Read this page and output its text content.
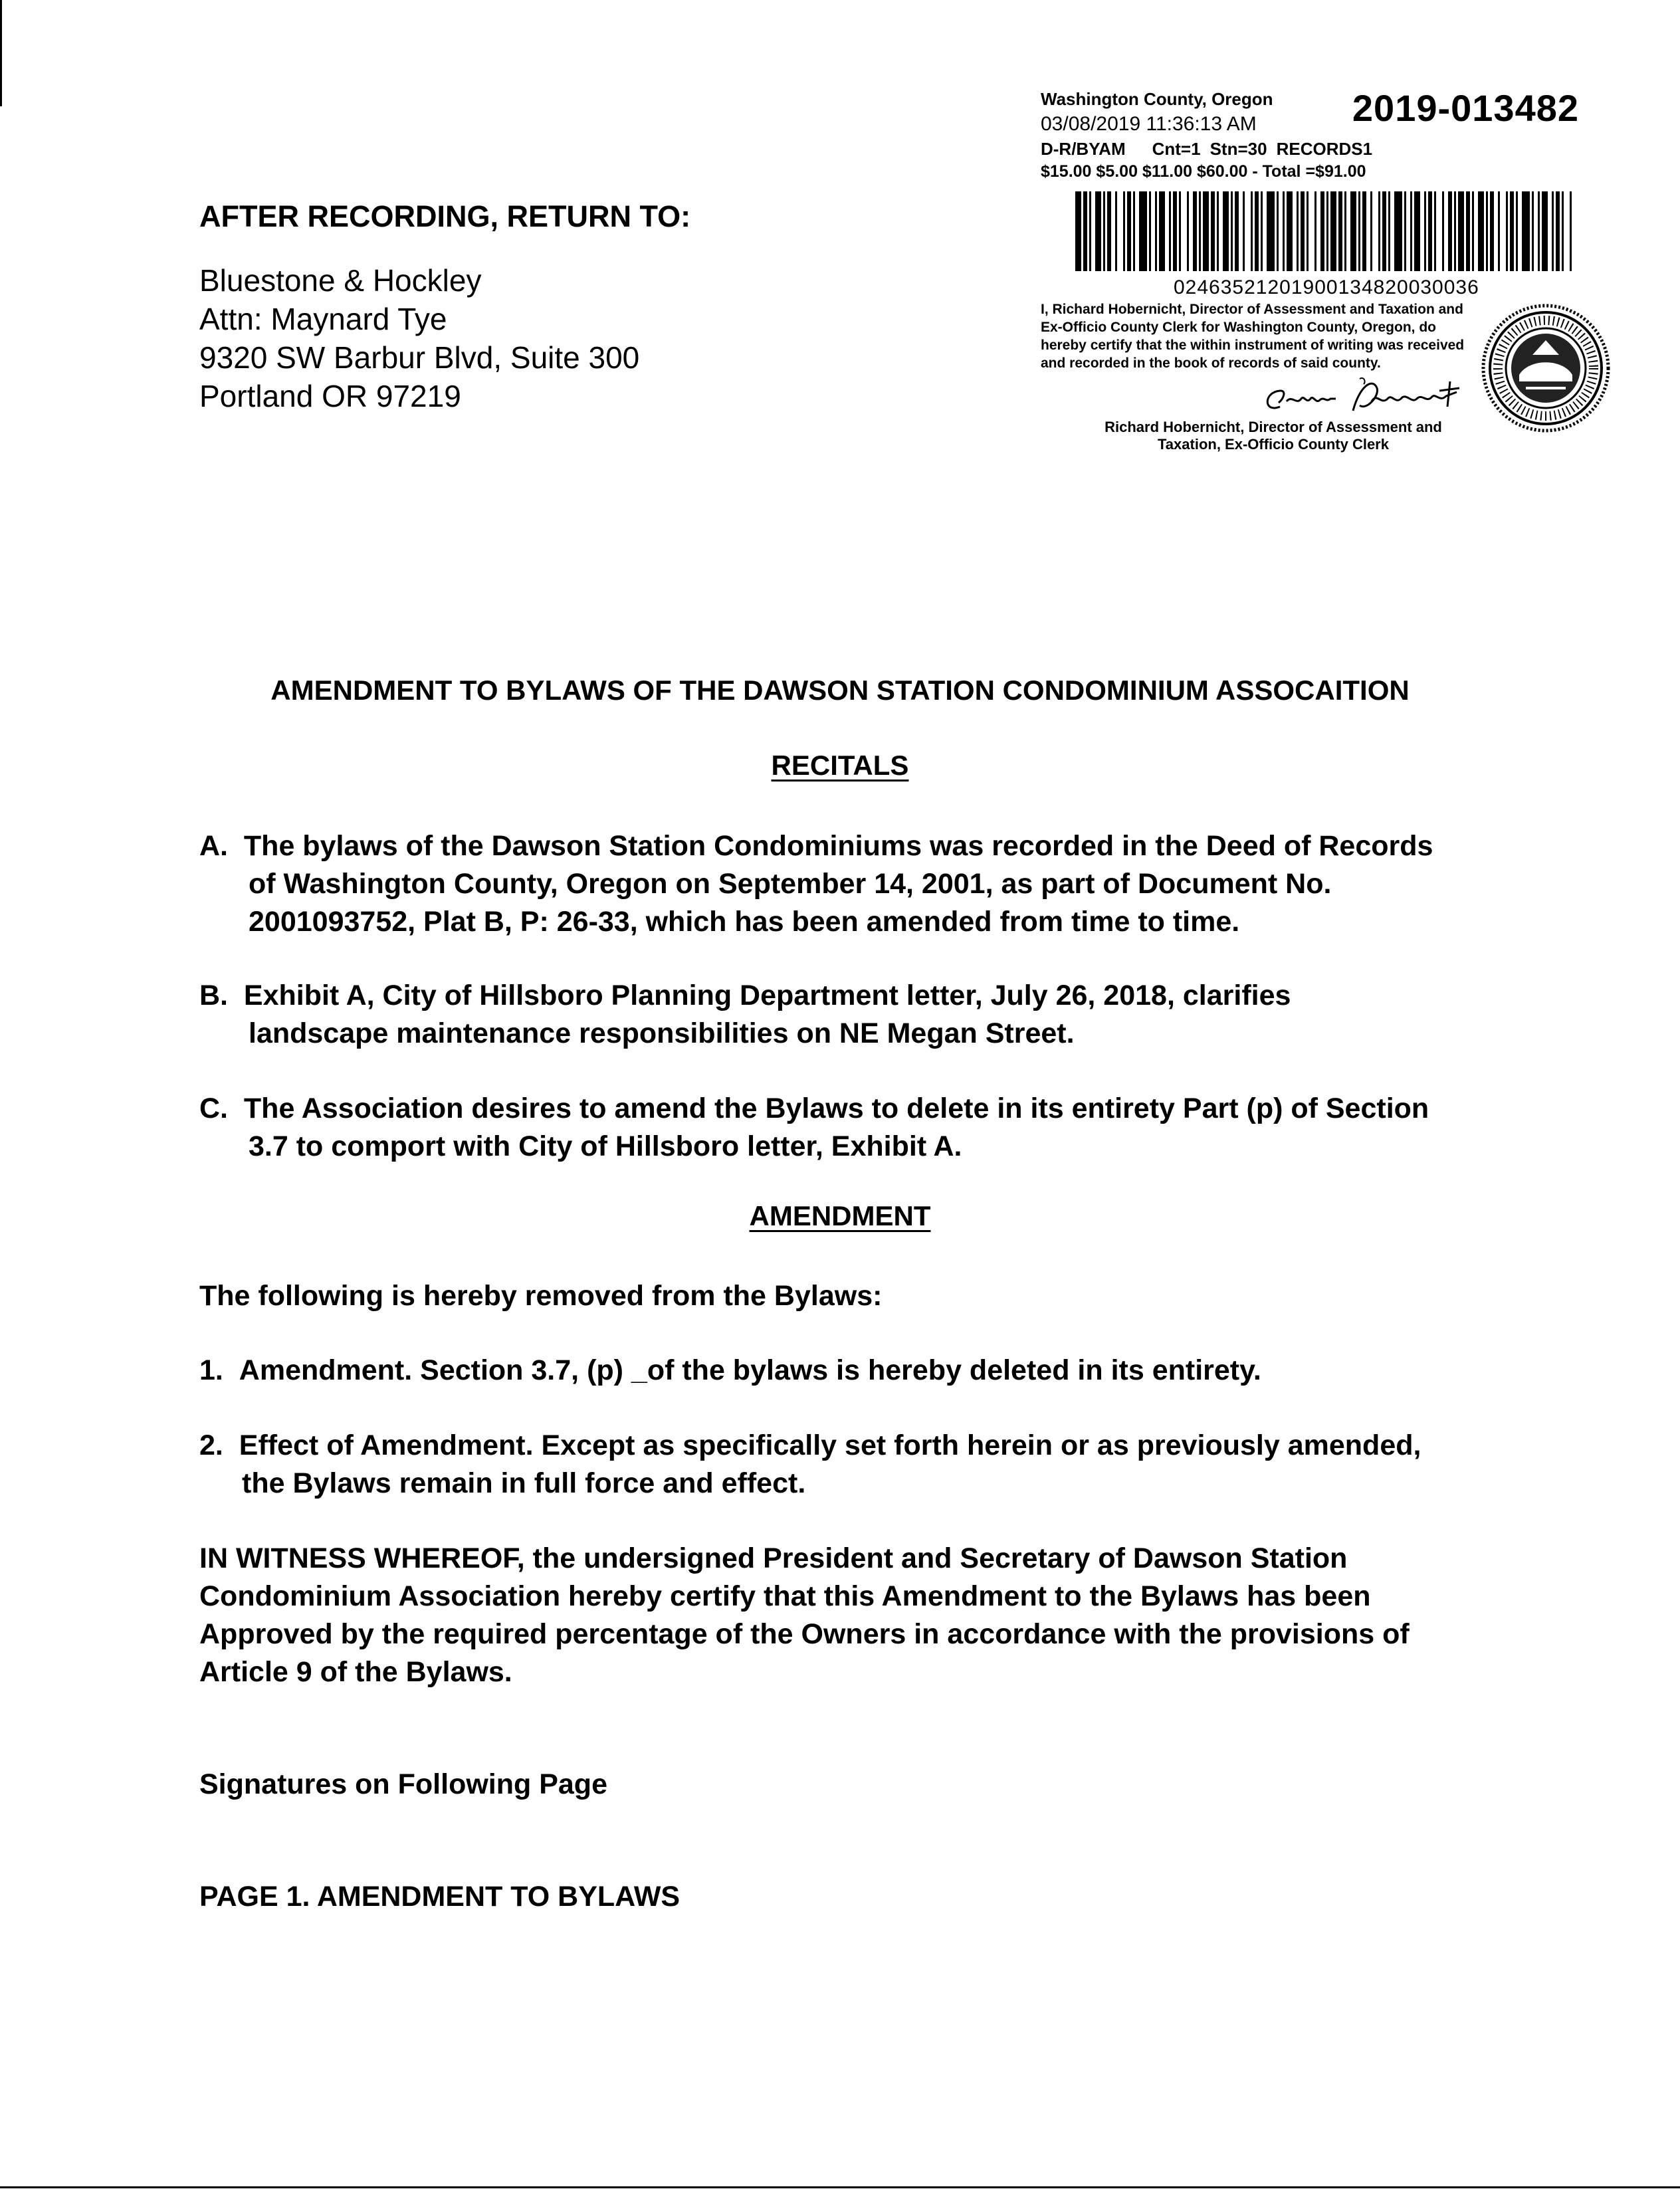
AFTER RECORDING, RETURN TO:
Bluestone & Hockley
Attn: Maynard Tye
9320 SW Barbur Blvd, Suite 300
Portland OR 97219
Washington County, Oregon 2019-013482
03/08/2019 11:36:13 AM
D-R/BYAM Cnt=1 Stn=30 RECORDS1
$15.00 $5.00 $11.00 $60.00 - Total =$91.00
02463521201900134820030036
I, Richard Hobernicht, Director of Assessment and Taxation and Ex-Officio County Clerk for Washington County, Oregon, do hereby certify that the within instrument of writing was received and recorded in the book of records of said county.
Richard Hobernicht, Director of Assessment and
Taxation, Ex-Officio County Clerk
AMENDMENT TO BYLAWS OF THE DAWSON STATION CONDOMINIUM ASSOCAITION
RECITALS
A. The bylaws of the Dawson Station Condominiums was recorded in the Deed of Records
of Washington County, Oregon on September 14, 2001, as part of Document No.
2001093752, Plat B, P: 26-33, which has been amended from time to time.
B. Exhibit A, City of Hillsboro Planning Department letter, July 26, 2018, clarifies
landscape maintenance responsibilities on NE Megan Street.
C. The Association desires to amend the Bylaws to delete in its entirety Part (p) of Section
3.7 to comport with City of Hillsboro letter, Exhibit A.
AMENDMENT
The following is hereby removed from the Bylaws:
1. Amendment. Section 3.7, (p) _of the bylaws is hereby deleted in its entirety.
2. Effect of Amendment. Except as specifically set forth herein or as previously amended,
the Bylaws remain in full force and effect.
IN WITNESS WHEREOF, the undersigned President and Secretary of Dawson Station
Condominium Association hereby certify that this Amendment to the Bylaws has been
Approved by the required percentage of the Owners in accordance with the provisions of
Article 9 of the Bylaws.
Signatures on Following Page
PAGE 1. AMENDMENT TO BYLAWS
